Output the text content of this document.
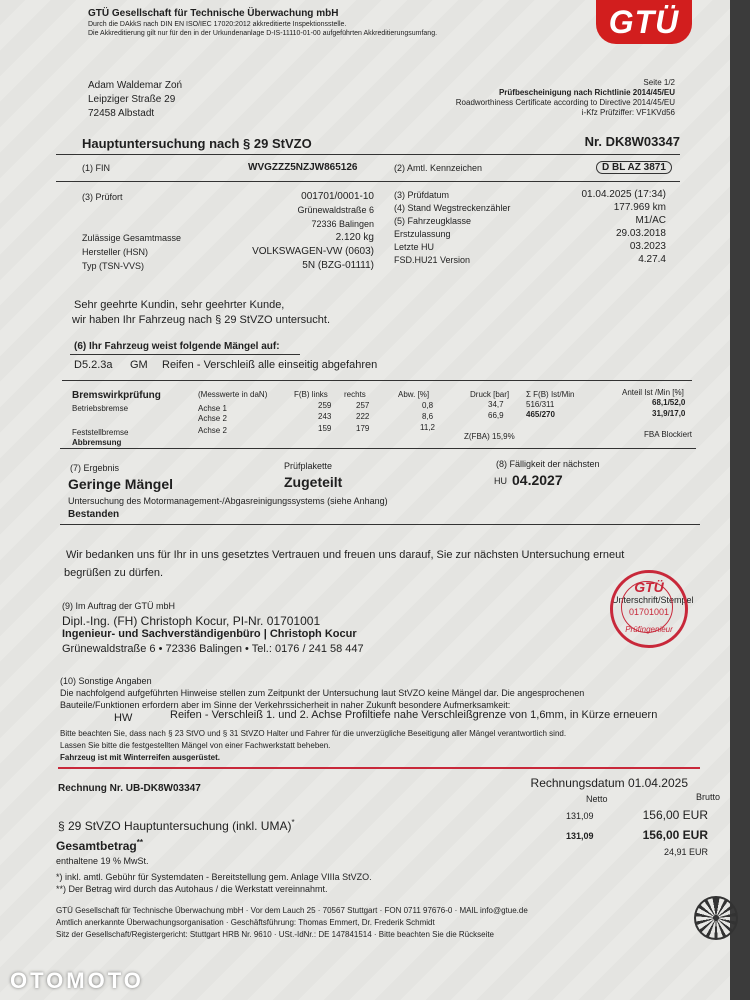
GTÜ Gesellschaft für Technische Überwachung mbH
Durch die DAkkS nach DIN EN ISO/IEC 17020:2012 akkreditierte Inspektionsstelle.
Die Akkreditierung gilt nur für den in der Urkundenanlage D-IS-11110-01-00 aufgeführten Akkreditierungsumfang.	GTÜ
Adam Waldemar Zoń
Leipziger Straße 29
72458 Albstadt
Seite 1/2
Prüfbescheinigung nach Richtlinie 2014/45/EU
Roadworthiness Certificate according to Directive 2014/45/EU
i-Kfz Prüfziffer: VF1KVd56
Hauptuntersuchung nach § 29 StVZO	Nr. DK8W03347
(1) FIN	WVGZZZ5NZJW865126	(2) Amtl. Kennzeichen	D BL AZ 3871
(3) Prüfort	001701/0001-10
Grünewaldstraße 6
72336 Balingen
Zulässige Gesamtmasse	2.120 kg
Hersteller (HSN)	VOLKSWAGEN-VW (0603)
Typ (TSN-VVS)	5N (BZG-01111)
(3) Prüfdatum	01.04.2025 (17:34)
(4) Stand Wegstreckenzähler	177.969 km
(5) Fahrzeugklasse	M1/AC
Erstzulassung	29.03.2018
Letzte HU	03.2023
FSD.HU21 Version	4.27.4
Sehr geehrte Kundin, sehr geehrter Kunde,
wir haben Ihr Fahrzeug nach § 29 StVZO untersucht.
(6) Ihr Fahrzeug weist folgende Mängel auf:
D5.2.3a GM Reifen - Verschleiß alle einseitig abgefahren
Bremswirkprüfung	(Messwerte in daN)	F(B) links rechts	Abw. [%]	Druck [bar] Σ F(B) Ist/Min	Anteil Ist /Min [%]
Betriebsbremse
Feststellbremse
Abbremsung
Achse 1	259	257	0,8	34,7	516/311	68,1/52,0
Achse 2	243	222	8,6	66,9	465/270	31,9/17,0
Achse 2	159	179	11,2
Z(FBA) 15,9%	FBA Blockiert
(7) Ergebnis
Geringe Mängel
Prüfplakette
Zugeteilt
(8) Fälligkeit der nächsten
HU 04.2027
Untersuchung des Motormanagement-/Abgasreinigungssystems (siehe Anhang)
Bestanden
Wir bedanken uns für Ihr in uns gesetztes Vertrauen und freuen uns darauf, Sie zur nächsten Untersuchung erneut
begrüßen zu dürfen.
(9) Im Auftrag der GTÜ mbH
Dipl.-Ing. (FH) Christoph Kocur, PI-Nr. 01701001
Ingenieur- und Sachverständigenbüro | Christoph Kocur
Grünewaldstraße 6 • 72336 Balingen • Tel.: 0176 / 241 58 447
Unterschrift/Stempel
GTÜ
01701001
Prüfingenieur
(10) Sonstige Angaben
Die nachfolgend aufgeführten Hinweise stellen zum Zeitpunkt der Untersuchung laut StVZO keine Mängel dar. Die angesprochenen
Bauteile/Funktionen erfordern aber im Sinne der Verkehrssicherheit in naher Zukunft besondere Aufmerksamkeit:
HW	Reifen - Verschleiß 1. und 2. Achse Profiltiefe nahe Verschleißgrenze von 1,6mm, in Kürze erneuern
Bitte beachten Sie, dass nach § 23 StVO und § 31 StVZO Halter und Fahrer für die unverzügliche Beseitigung aller Mängel verantwortlich sind.
Lassen Sie bitte die festgestellten Mängel von einer Fachwerkstatt beheben.
Fahrzeug ist mit Winterreifen ausgerüstet.
Rechnung Nr. UB-DK8W03347	Rechnungsdatum 01.04.2025
Netto	Brutto
§ 29 StVZO Hauptuntersuchung (inkl. UMA)*
131,09	156,00 EUR
Gesamtbetrag**
131,09	156,00 EUR
enthaltene 19 % MwSt.
24,91 EUR
*) inkl. amtl. Gebühr für Systemdaten - Bereitstellung gem. Anlage VIIIa StVZO.
**) Der Betrag wird durch das Autohaus / die Werkstatt vereinnahmt.
GTÜ Gesellschaft für Technische Überwachung mbH · Vor dem Lauch 25 · 70567 Stuttgart · FON 0711 97676-0 · MAIL info@gtue.de
Amtlich anerkannte Überwachungsorganisation · Geschäftsführung: Thomas Emmert, Dr. Frederik Schmidt
Sitz der Gesellschaft/Registergericht: Stuttgart HRB Nr. 9610 · USt.-IdNr.: DE 147841514 · Bitte beachten Sie die Rückseite
OTOMOTO
